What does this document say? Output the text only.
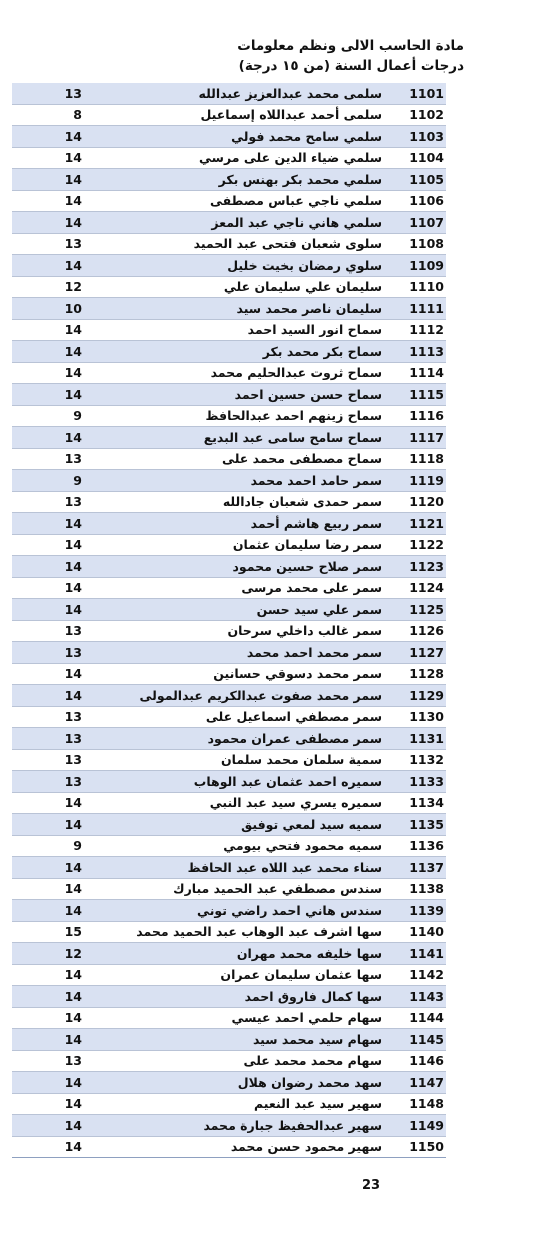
مادة الحاسب الالى ونظم معلومات
درجات أعمال السنة (من ١٥ درجة)
13	سلمى محمد عبدالعزيز عبدالله	1101
8	سلمى أحمد عبداللاه إسماعيل	1102
14	سلمي سامح محمد فولي	1103
14	سلمي ضياء الدين على مرسي	1104
14	سلمي محمد بكر بهنس بكر	1105
14	سلمي ناجي عباس مصطفى	1106
14	سلمي هاني ناجي عبد المعز	1107
13	سلوى شعبان فتحى عبد الحميد	1108
14	سلوي رمضان بخيت خليل	1109
12	سليمان علي سليمان علي	1110
10	سليمان ناصر محمد سيد	1111
14	سماح انور السيد احمد	1112
14	سماح بكر محمد بكر	1113
14	سماح ثروت عبدالحليم محمد	1114
14	سماح حسن حسين احمد	1115
9	سماح زينهم احمد عبدالحافظ	1116
14	سماح سامح سامى عبد البديع	1117
13	سماح مصطفى محمد على	1118
9	سمر حامد احمد محمد	1119
13	سمر حمدى شعبان جادالله	1120
14	سمر ربيع هاشم أحمد	1121
14	سمر رضا سليمان عثمان	1122
14	سمر صلاح حسين محمود	1123
14	سمر على محمد مرسى	1124
14	سمر علي سيد حسن	1125
13	سمر غالب داخلي سرحان	1126
13	سمر محمد احمد محمد	1127
14	سمر محمد دسوقي حسانين	1128
14	سمر محمد صفوت عبدالكريم عبدالمولى	1129
13	سمر مصطفي اسماعيل على	1130
13	سمر مصطفى عمران محمود	1131
13	سمية سلمان محمد سلمان	1132
13	سميره احمد عثمان عبد الوهاب	1133
14	سميره يسري سيد عبد النبي	1134
14	سميه سيد لمعي توفيق	1135
9	سميه محمود فتحي بيومي	1136
14	سناء محمد عبد اللاه عبد الحافظ	1137
14	سندس مصطفي عبد الحميد مبارك	1138
14	سندس هاني احمد راضي توني	1139
15	سها اشرف عبد الوهاب عبد الحميد محمد	1140
12	سها خليفه محمد مهران	1141
14	سها عثمان سليمان عمران	1142
14	سها كمال فاروق احمد	1143
14	سهام حلمي احمد عيسي	1144
14	سهام سيد محمد سيد	1145
13	سهام محمد محمد على	1146
14	سهد محمد رضوان هلال	1147
14	سهير سيد عبد النعيم	1148
14	سهير عبدالحفيظ جبارة محمد	1149
14	سهير محمود حسن محمد	1150
23
